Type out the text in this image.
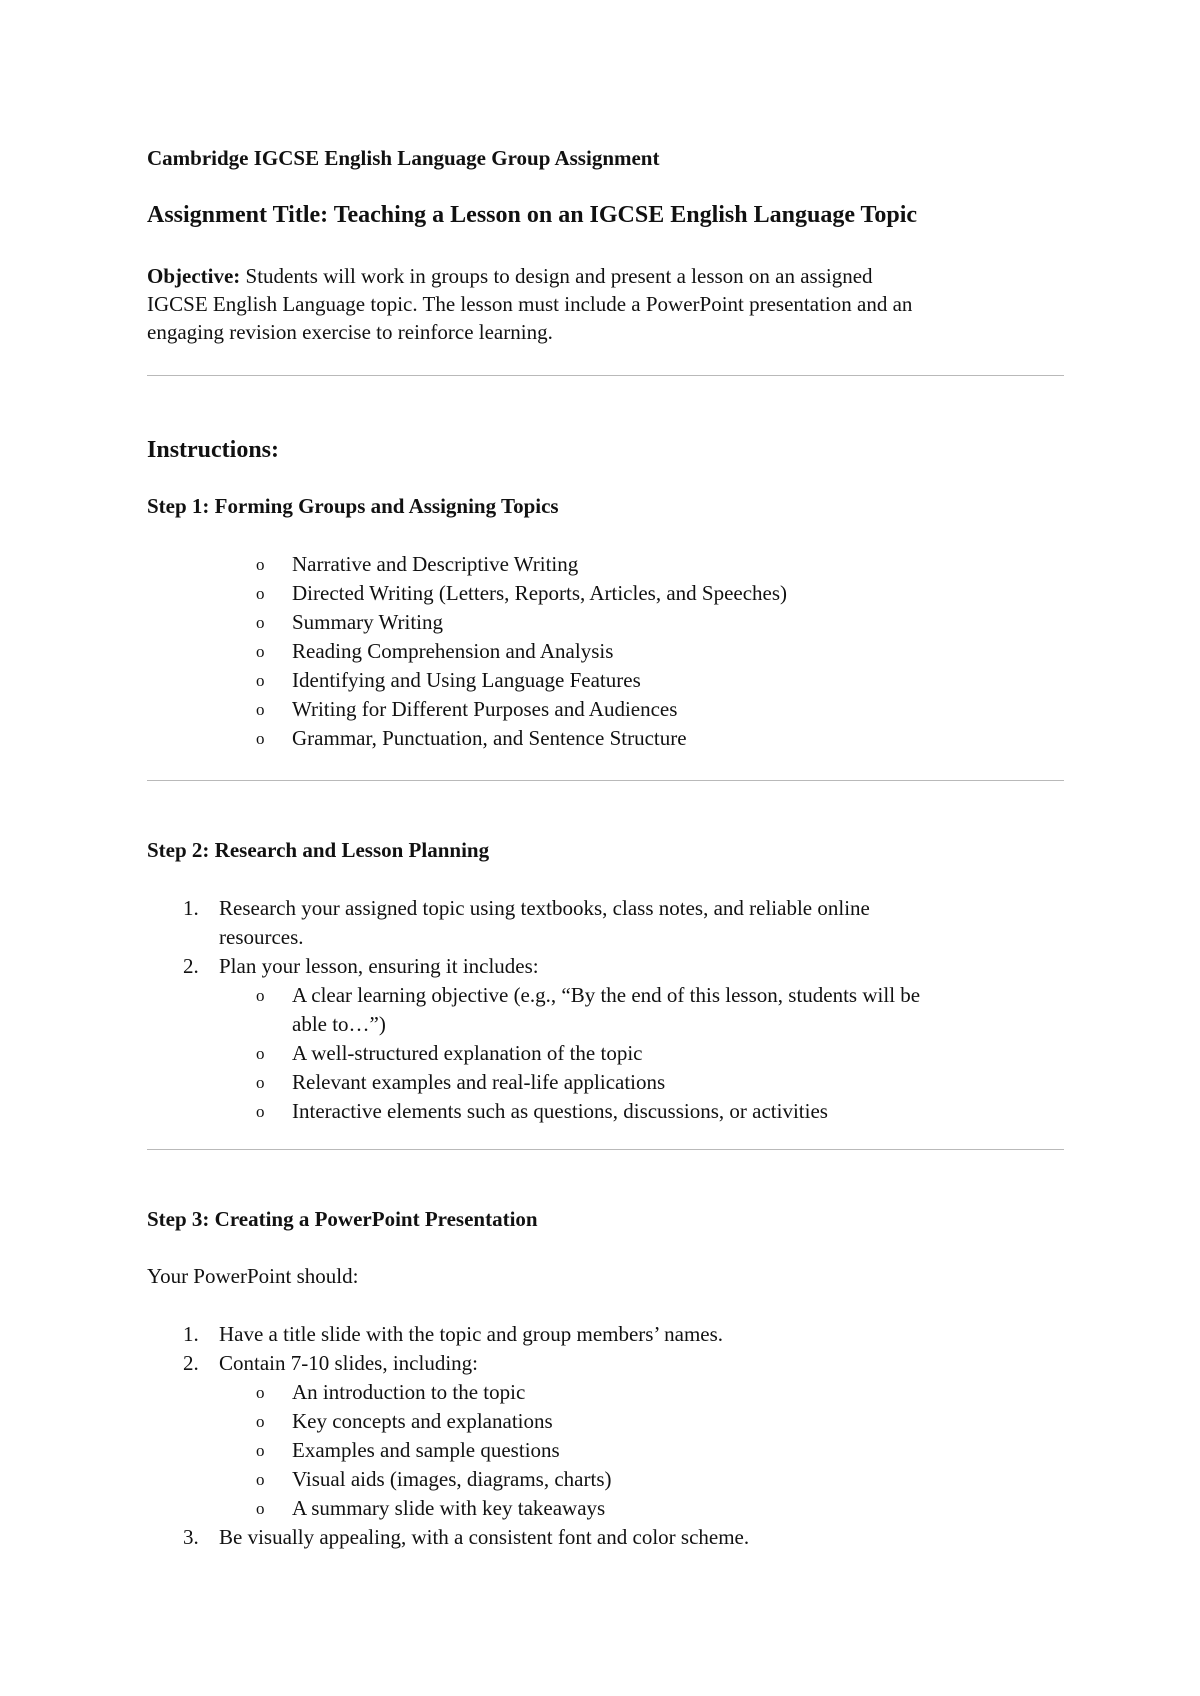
Cambridge IGCSE English Language Group Assignment
Assignment Title: Teaching a Lesson on an IGCSE English Language Topic
Objective: Students will work in groups to design and present a lesson on an assigned
IGCSE English Language topic. The lesson must include a PowerPoint presentation and an
engaging revision exercise to reinforce learning.
Instructions:
Step 1: Forming Groups and Assigning Topics
o Narrative and Descriptive Writing
o Directed Writing (Letters, Reports, Articles, and Speeches)
o Summary Writing
o Reading Comprehension and Analysis
o Identifying and Using Language Features
o Writing for Different Purposes and Audiences
o Grammar, Punctuation, and Sentence Structure
Step 2: Research and Lesson Planning
1. Research your assigned topic using textbooks, class notes, and reliable online
resources.
2. Plan your lesson, ensuring it includes:
o A clear learning objective (e.g., “By the end of this lesson, students will be
able to…”)
o A well-structured explanation of the topic
o Relevant examples and real-life applications
o Interactive elements such as questions, discussions, or activities
Step 3: Creating a PowerPoint Presentation
Your PowerPoint should:
1. Have a title slide with the topic and group members’ names.
2. Contain 7-10 slides, including:
o An introduction to the topic
o Key concepts and explanations
o Examples and sample questions
o Visual aids (images, diagrams, charts)
o A summary slide with key takeaways
3. Be visually appealing, with a consistent font and color scheme.
